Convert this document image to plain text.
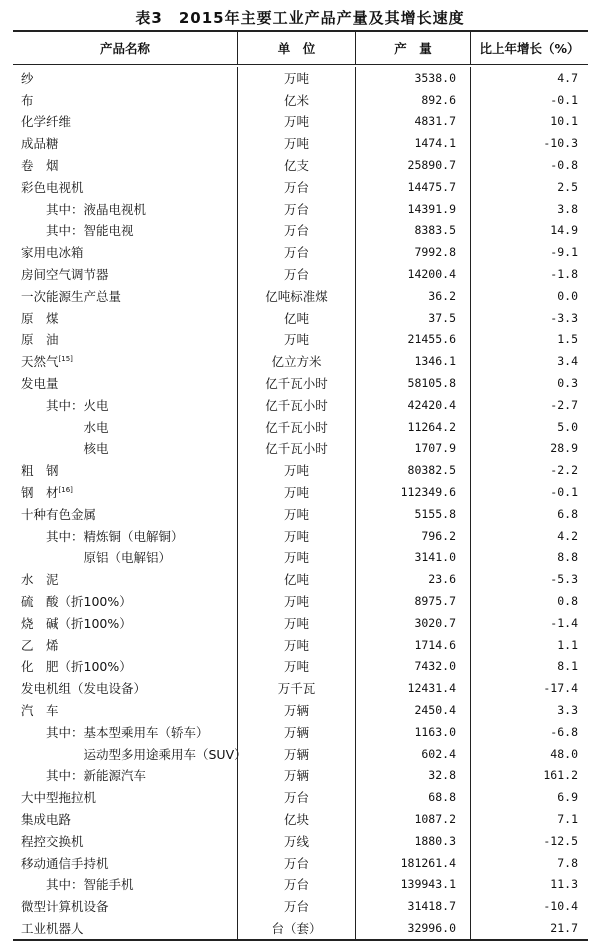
表3　2015年主要工业产品产量及其增长速度
产品名称	单　位	产　量	比上年增长（%）
纱	万吨	3538.0	4.7
布	亿米	892.6	-0.1
化学纤维	万吨	4831.7	10.1
成品糖	万吨	1474.1	-10.3
卷　烟	亿支	25890.7	-0.8
彩色电视机	万台	14475.7	2.5
　　其中：液晶电视机	万台	14391.9	3.8
　　其中：智能电视	万台	8383.5	14.9
家用电冰箱	万台	7992.8	-9.1
房间空气调节器	万台	14200.4	-1.8
一次能源生产总量	亿吨标准煤	36.2	0.0
原　煤	亿吨	37.5	-3.3
原　油	万吨	21455.6	1.5
天然气[15]	亿立方米	1346.1	3.4
发电量	亿千瓦小时	58105.8	0.3
　　其中：火电	亿千瓦小时	42420.4	-2.7
　　　　　水电	亿千瓦小时	11264.2	5.0
　　　　　核电	亿千瓦小时	1707.9	28.9
粗　钢	万吨	80382.5	-2.2
钢　材[16]	万吨	112349.6	-0.1
十种有色金属	万吨	5155.8	6.8
　　其中：精炼铜（电解铜）	万吨	796.2	4.2
　　　　　原铝（电解铝）	万吨	3141.0	8.8
水　泥	亿吨	23.6	-5.3
硫　酸（折100%）	万吨	8975.7	0.8
烧　碱（折100%）	万吨	3020.7	-1.4
乙　烯	万吨	1714.6	1.1
化　肥（折100%）	万吨	7432.0	8.1
发电机组（发电设备）	万千瓦	12431.4	-17.4
汽　车	万辆	2450.4	3.3
　　其中：基本型乘用车（轿车）	万辆	1163.0	-6.8
　　　　　运动型多用途乘用车（SUV）	万辆	602.4	48.0
　　其中：新能源汽车	万辆	32.8	161.2
大中型拖拉机	万台	68.8	6.9
集成电路	亿块	1087.2	7.1
程控交换机	万线	1880.3	-12.5
移动通信手持机	万台	181261.4	7.8
　　其中：智能手机	万台	139943.1	11.3
微型计算机设备	万台	31418.7	-10.4
工业机器人	台（套）	32996.0	21.7
